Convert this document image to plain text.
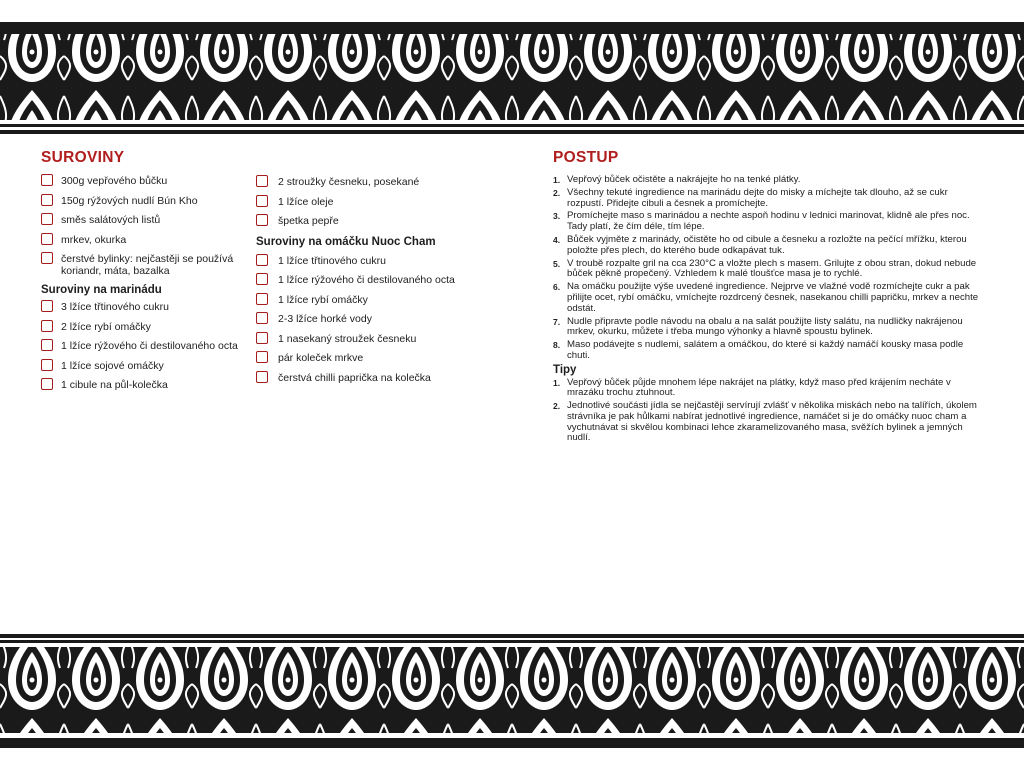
SUROVINY
300g vepřového bůčku
150g rýžových nudlí Bún Kho
směs salátových listů
mrkev, okurka
čerstvé bylinky: nejčastěji se používá koriandr, máta, bazalka
Suroviny na marinádu
3 lžíce třtinového cukru
2 lžíce rybí omáčky
1 lžíce rýžového či destilovaného octa
1 lžíce sojové omáčky
1 cibule na půl-kolečka
2 stroužky česneku, posekané
1 lžíce oleje
špetka pepře
Suroviny na omáčku Nuoc Cham
1 lžíce třtinového cukru
1 lžíce rýžového či destilovaného octa
1 lžíce rybí omáčky
2-3 lžíce horké vody
1 nasekaný stroužek česneku
pár koleček mrkve
čerstvá chilli paprička na kolečka
POSTUP
1. Vepřový bůček očistěte a nakrájejte ho na tenké plátky.
2. Všechny tekuté ingredience na marinádu dejte do misky a míchejte tak dlouho, až se cukr rozpustí. Přidejte cibuli a česnek a promíchejte.
3. Promíchejte maso s marinádou a nechte aspoň hodinu v lednici marinovat, klidně ale přes noc. Tady platí, že čím déle, tím lépe.
4. Bůček vyjměte z marinády, očistěte ho od cibule a česneku a rozložte na pečící mřížku, kterou položte přes plech, do kterého bude odkapávat tuk.
5. V troubě rozpalte gril na cca 230°C a vložte plech s masem. Grilujte z obou stran, dokud nebude bůček pěkně propečený. Vzhledem k malé tloušťce masa je to rychlé.
6. Na omáčku použijte výše uvedené ingredience. Nejprve ve vlažné vodě rozmíchejte cukr a pak přilijte ocet, rybí omáčku, vmíchejte rozdrcený česnek, nasekanou chilli papričku, mrkev a nechte odstát.
7. Nudle připravte podle návodu na obalu a na salát použijte listy salátu, na nudličky nakrájenou mrkev, okurku, můžete i třeba mungo výhonky a hlavně spoustu bylinek.
8. Maso podávejte s nudlemi, salátem a omáčkou, do které si každý namáčí kousky masa podle chuti.
Tipy
1. Vepřový bůček půjde mnohem lépe nakrájet na plátky, když maso před krájením necháte v mrazáku trochu ztuhnout.
2. Jednotlivé součásti jídla se nejčastěji servírují zvlášť v několika miskách nebo na talířích, úkolem strávníka je pak hůlkami nabírat jednotlivé ingredience, namáčet si je do omáčky nuoc cham a vychutnávat si skvělou kombinaci lehce zkaramelizovaného masa, svěžích bylinek a jemných nudlí.
